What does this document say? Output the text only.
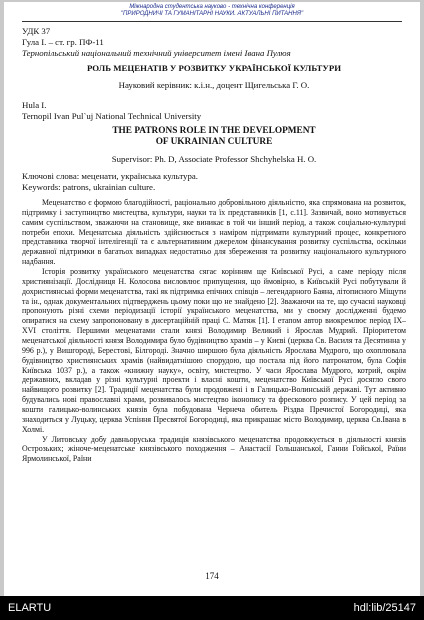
Міжнародна студентська науково - технічна конференція
"ПРИРОДНИЧІ ТА ГУМАНІТАРНІ НАУКИ. АКТУАЛЬНІ ПИТАННЯ"
УДК 37
Гула І. – ст. гр. ПФ-11
Тернопільський національний технічний університет імені Івана Пулюя
РОЛЬ МЕЦЕНАТІВ У РОЗВИТКУ УКРАЇНСЬКОЇ КУЛЬТУРИ
Науковий керівник: к.і.н., доцент Щигельська Г. О.
Hula I.
Ternopil Ivan Pul`uj National Technical University
THE PATRONS ROLE IN THE DEVELOPMENT
OF UKRAINIAN CULTURE
Supervisor: Ph. D, Associate Professor Shchyhelska H. O.
Ключові слова: меценати, українська культура.
Keywords: patrons, ukrainian culture.

Меценатство є формою благодійності, раціонально добровільною діяльністю, яка спрямована на розвиток, підтримку і заступництво мистецтва, культури, науки та їх представників [1, с.11]. Зазвичай, воно мотивується самим суспільством, зважаючи на становище, яке виникає в той чи інший період, а також соціально-культурні потреби епохи. Меценатська діяльність здійснюється з наміром підтримати культурний процес, конкретного представника творчої інтелігенції та є альтернативним джерелом фінансування розвитку суспільства, оскільки державної підтримки в багатьох випадках недостатньо для збереження та розвитку національного культурного надбання.

Історія розвитку українського меценатства сягає корінням ще Київської Русі, а саме періоду після християнізації. Дослідниця Н. Колосова висловлює припущення, що ймовірно, в Київській Русі побутували й дохристиянські форми меценатства, такі як підтримка епічних співців – легендарного Баяна, літописного Міщути та ін., однак документальних підтверджень цьому поки що не знайдено [2]. Зважаючи на те, що сучасні науковці пропонують різні схеми періодизації історії українського меценатства, ми у своєму дослідженні будемо опиратися на схему запропоновану в дисертаційній праці С. Матяж [1]. І етапом автор виокремлює період ІХ–ХVІ століття. Першими меценатами стали князі Володимир Великий і Ярослав Мудрий. Пріоритетом меценатської діяльності князя Володимира було будівництво храмів – у Києві (церква Св. Василя та Десятинна у 996 р.), у Вишгороді, Берестові, Білгороді. Значно ширшою була діяльність Ярослава Мудрого, що охоплювала будівництво християнських храмів (найвидатнішою спорудою, що постала під його патронатом, була Софія Київська 1037 р.), а також «книжну науку», освіту, мистецтво. У часи Ярослава Мудрого, котрий, окрім державних, вкладав у різні культурні проекти і власні кошти, меценатство Київської Русі досягло свого найвищого розвитку [2]. Традиції меценатства були продовжені і в Галицько-Волинській державі. Тут активно будувались нові православні храми, розвивалось мистецтво іконопису та фрескового розпису. У цей період за кошти галицько-волинських князів була побудована Чернеча обитель Різдва Пречистої Богородиці, яка знаходиться у Луцьку, церква Успіння Пресвятої Богородиці, яка прикрашає місто Володимир, церква Св.Івана в Холмі.

У Литовську добу давньоруська традиція князівського меценатства продовжується в діяльності князів Острозьких; жіноче-меценатське князівського походження – Анастасії Гольшанської, Ганни Гойської, Раїни Ярмолинської, Раїни

174
ELARTU	hdl:lib/25147
